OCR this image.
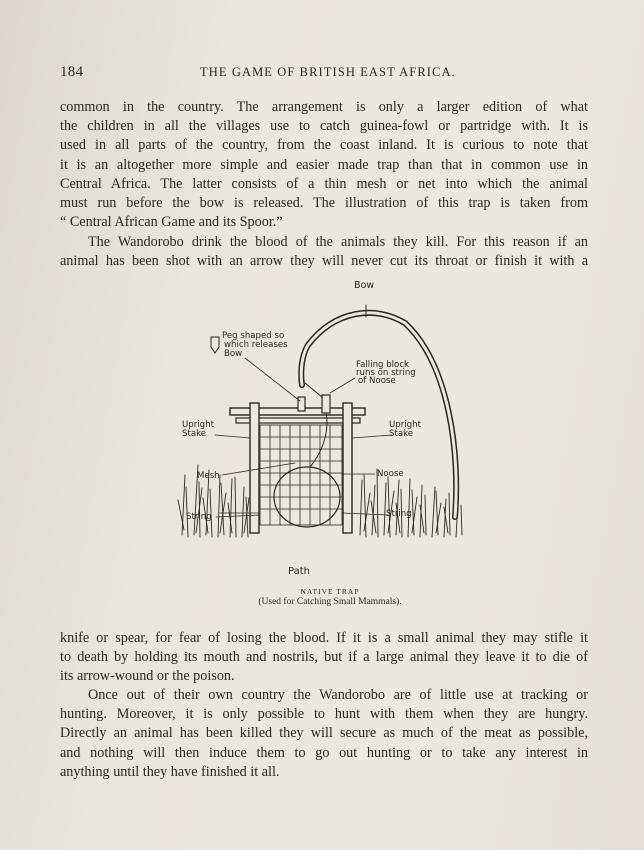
184	THE GAME OF BRITISH EAST AFRICA.
common in the country. The arrangement is only a larger edition of what
the children in all the villages use to catch guinea-fowl or partridge with. It is
used in all parts of the country, from the coast inland. It is curious to note that
it is an altogether more simple and easier made trap than that in common use in
Central Africa. The latter consists of a thin mesh or net into which the animal
must run before the bow is released. The illustration of this trap is taken from
“ Central African Game and its Spoor.”
The Wandorobo drink the blood of the animals they kill. For this reason if an
animal has been shot with an arrow they will never cut its throat or finish it with a
Bow
Peg shaped so
which releases
Bow
Falling block
runs on string
of Noose
Upright
Stake
Upright
Stake
Mesh	Noose
String	String
Path
NATIVE TRAP
(Used for Catching Small Mammals).
knife or spear, for fear of losing the blood. If it is a small animal they may stifle it
to death by holding its mouth and nostrils, but if a large animal they leave it to die of
its arrow-wound or the poison.
Once out of their own country the Wandorobo are of little use at tracking or
hunting. Moreover, it is only possible to hunt with them when they are hungry.
Directly an animal has been killed they will secure as much of the meat as possible,
and nothing will then induce them to go out hunting or to take any interest in
anything until they have finished it all.
